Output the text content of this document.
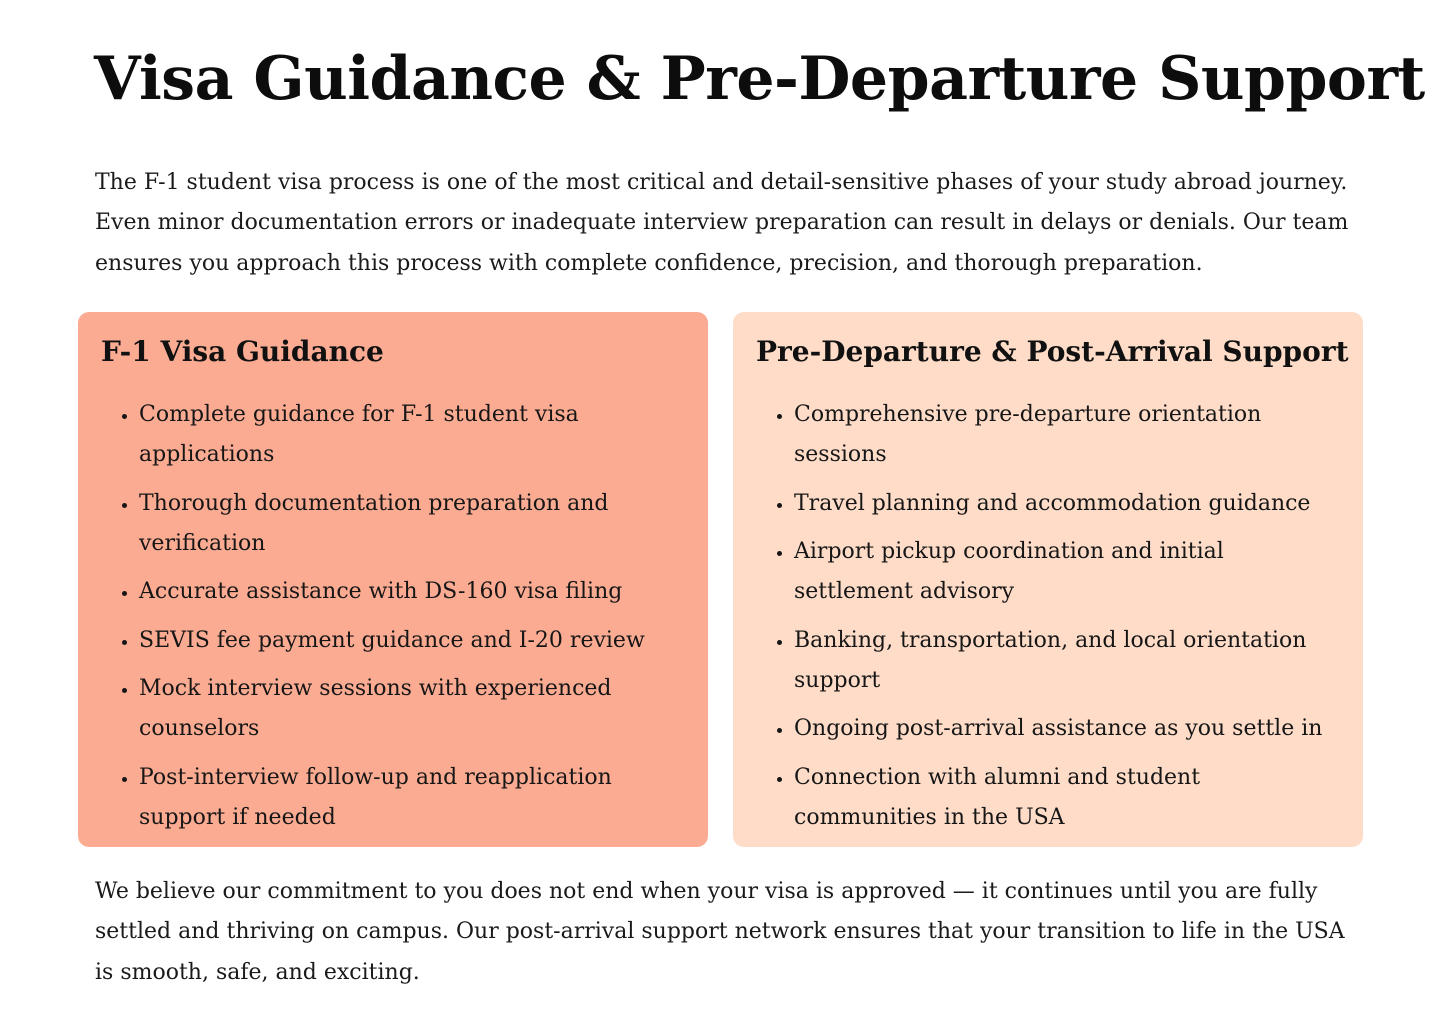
Visa Guidance & Pre-Departure Support

The F-1 student visa process is one of the most critical and detail-sensitive phases of your study abroad journey. Even minor documentation errors or inadequate interview preparation can result in delays or denials. Our team ensures you approach this process with complete confidence, precision, and thorough preparation.

F-1 Visa Guidance
• Complete guidance for F-1 student visa applications
• Thorough documentation preparation and verification
• Accurate assistance with DS-160 visa filing
• SEVIS fee payment guidance and I-20 review
• Mock interview sessions with experienced counselors
• Post-interview follow-up and reapplication support if needed
Pre-Departure & Post-Arrival Support
• Comprehensive pre-departure orientation sessions
• Travel planning and accommodation guidance
• Airport pickup coordination and initial settlement advisory
• Banking, transportation, and local orientation support
• Ongoing post-arrival assistance as you settle in
• Connection with alumni and student communities in the USA

We believe our commitment to you does not end when your visa is approved — it continues until you are fully settled and thriving on campus. Our post-arrival support network ensures that your transition to life in the USA is smooth, safe, and exciting.
